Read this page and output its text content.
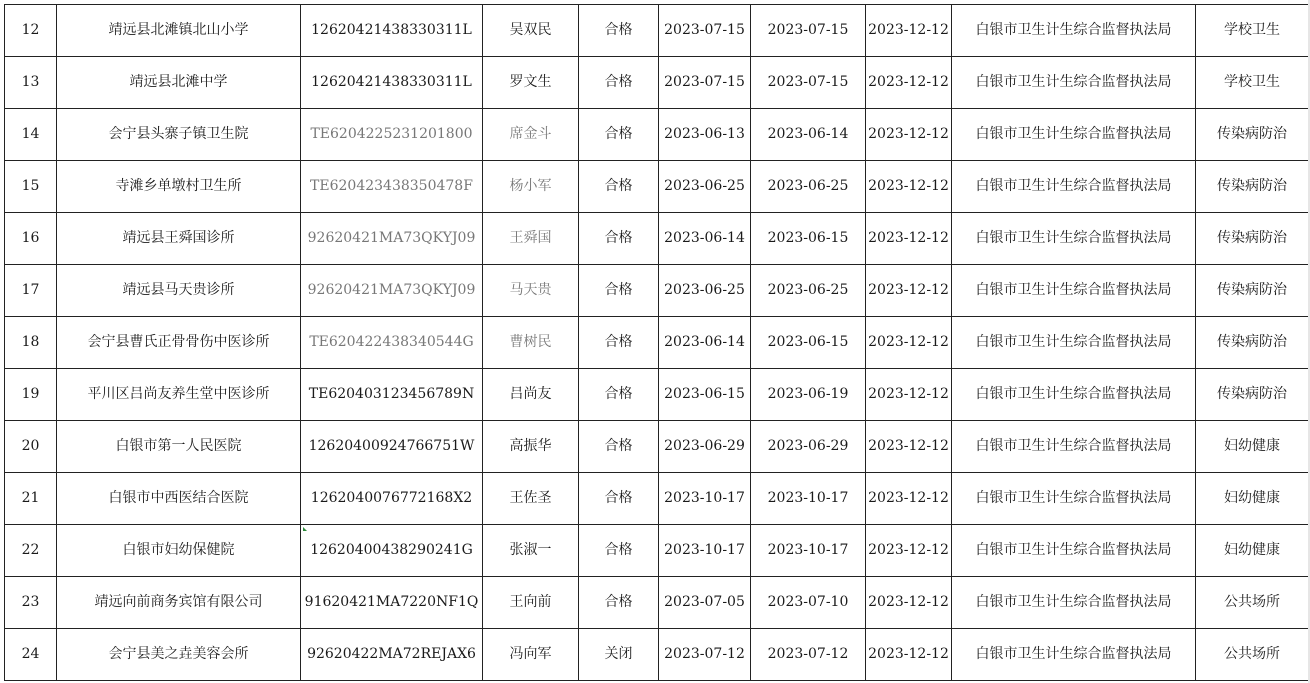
12	靖远县北滩镇北山小学	12620421438330311L	吴双民	合格	2023-07-15	2023-07-15	2023-12-12	白银市卫生计生综合监督执法局	学校卫生
13	靖远县北滩中学	12620421438330311L	罗文生	合格	2023-07-15	2023-07-15	2023-12-12	白银市卫生计生综合监督执法局	学校卫生
14	会宁县头寨子镇卫生院	TE6204225231201800	席金斗	合格	2023-06-13	2023-06-14	2023-12-12	白银市卫生计生综合监督执法局	传染病防治
15	寺滩乡单墩村卫生所	TE620423438350478F	杨小军	合格	2023-06-25	2023-06-25	2023-12-12	白银市卫生计生综合监督执法局	传染病防治
16	靖远县王舜国诊所	92620421MA73QKYJ09	王舜国	合格	2023-06-14	2023-06-15	2023-12-12	白银市卫生计生综合监督执法局	传染病防治
17	靖远县马天贵诊所	92620421MA73QKYJ09	马天贵	合格	2023-06-25	2023-06-25	2023-12-12	白银市卫生计生综合监督执法局	传染病防治
18	会宁县曹氏正骨骨伤中医诊所	TE620422438340544G	曹树民	合格	2023-06-14	2023-06-15	2023-12-12	白银市卫生计生综合监督执法局	传染病防治
19	平川区吕尚友养生堂中医诊所	TE620403123456789N	吕尚友	合格	2023-06-15	2023-06-19	2023-12-12	白银市卫生计生综合监督执法局	传染病防治
20	白银市第一人民医院	12620400924766751W	高振华	合格	2023-06-29	2023-06-29	2023-12-12	白银市卫生计生综合监督执法局	妇幼健康
21	白银市中西医结合医院	1262040076772168X2	王佐圣	合格	2023-10-17	2023-10-17	2023-12-12	白银市卫生计生综合监督执法局	妇幼健康
22	白银市妇幼保健院	12620400438290241G	张淑一	合格	2023-10-17	2023-10-17	2023-12-12	白银市卫生计生综合监督执法局	妇幼健康
23	靖远向前商务宾馆有限公司	91620421MA7220NF1Q	王向前	合格	2023-07-05	2023-07-10	2023-12-12	白银市卫生计生综合监督执法局	公共场所
24	会宁县美之垚美容会所	92620422MA72REJAX6	冯向军	关闭	2023-07-12	2023-07-12	2023-12-12	白银市卫生计生综合监督执法局	公共场所
